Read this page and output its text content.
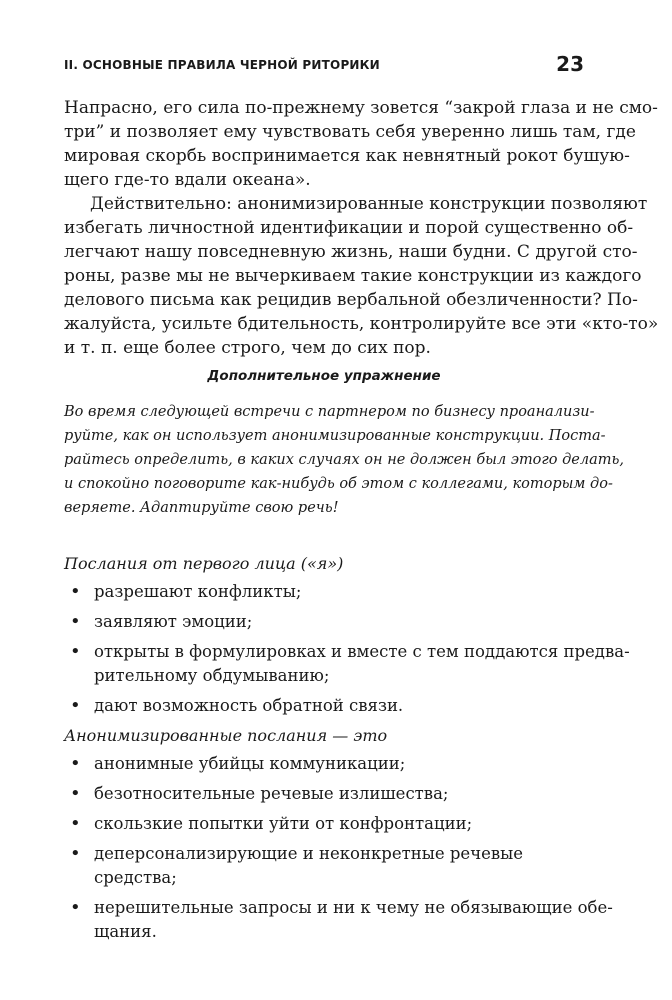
II. ОСНОВНЫЕ ПРАВИЛА ЧЕРНОЙ РИТОРИКИ	23

Напрасно, его сила по-прежнему зовется “закрой глаза и не смо-
три” и позволяет ему чувствовать себя уверенно лишь там, где
мировая скорбь воспринимается как невнятный рокот бушую-
щего где-то вдали океана».

Действительно: анонимизированные конструкции позволяют
избегать личностной идентификации и порой существенно об-
легчают нашу повседневную жизнь, наши будни. С другой сто-
роны, разве мы не вычеркиваем такие конструкции из каждого
делового письма как рецидив вербальной обезличенности? По-
жалуйста, усильте бдительность, контролируйте все эти «кто-то»
и т. п. еще более строго, чем до сих пор.

Дополнительное упражнение

Во время следующей встречи с партнером по бизнесу проанализи-
руйте, как он использует анонимизированные конструкции. Поста-
райтесь определить, в каких случаях он не должен был этого делать,
и спокойно поговорите как-нибудь об этом с коллегами, которым до-
веряете. Адаптируйте свою речь!

Послания от первого лица («я»)
• разрешают конфликты;
• заявляют эмоции;
• открыты в формулировках и вместе с тем поддаются предва-
рительному обдумыванию;
• дают возможность обратной связи.
Анонимизированные послания — это
• анонимные убийцы коммуникации;
• безотносительные речевые излишества;
• скользкие попытки уйти от конфронтации;
• деперсонализирующие и неконкретные речевые средства;
• нерешительные запросы и ни к чему не обязывающие обе-
щания.
